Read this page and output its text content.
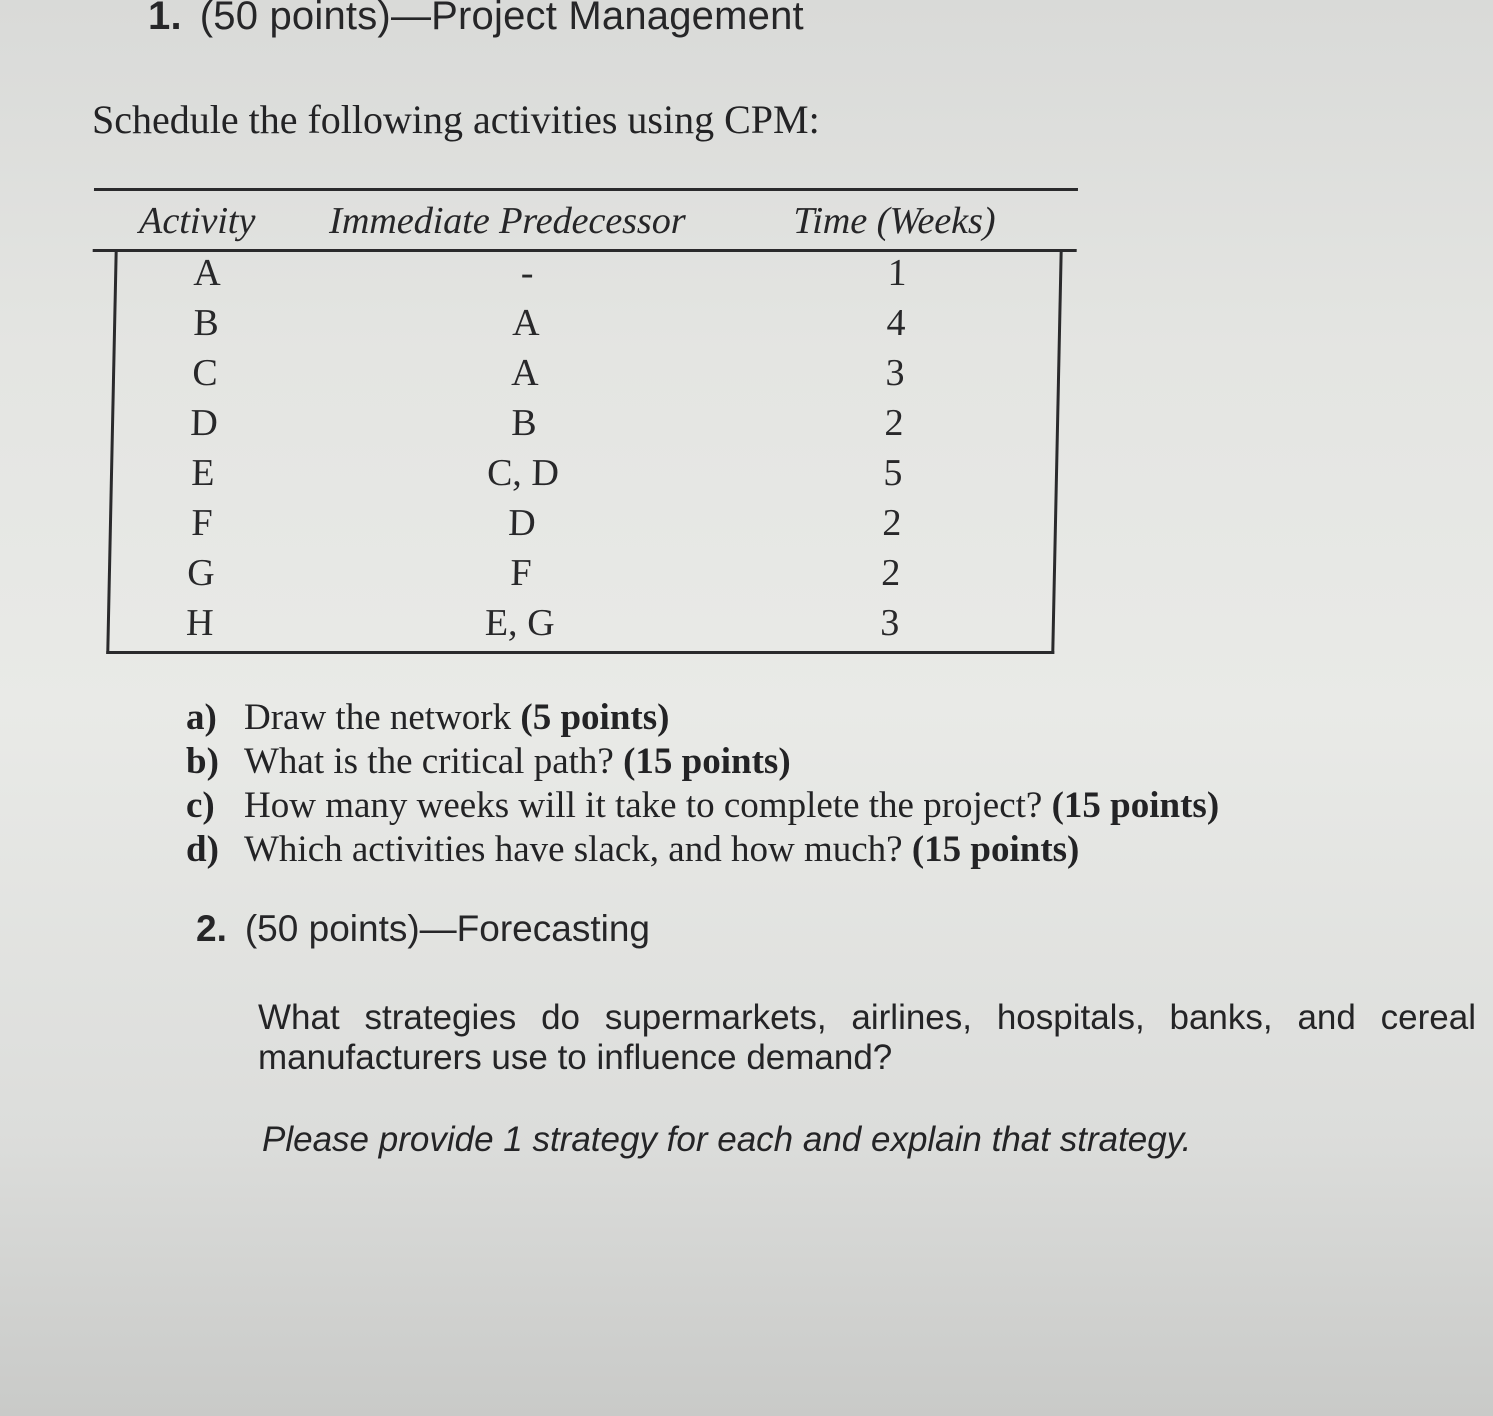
1. (50 points)—Project Management
Schedule the following activities using CPM:
Activity Immediate Predecessor	Time (Weeks)
A	-	1
B	A	4
C	A	3
D	B	2
E	C, D	5
F	D	2
G	F	2
H	E, G	3
a) Draw the network (5 points)
b) What is the critical path? (15 points)
c) How many weeks will it take to complete the project? (15 points)
d) Which activities have slack, and how much? (15 points)
2. (50 points)—Forecasting
What strategies do supermarkets, airlines, hospitals, banks, and cereal
manufacturers use to influence demand?
Please provide 1 strategy for each and explain that strategy.
